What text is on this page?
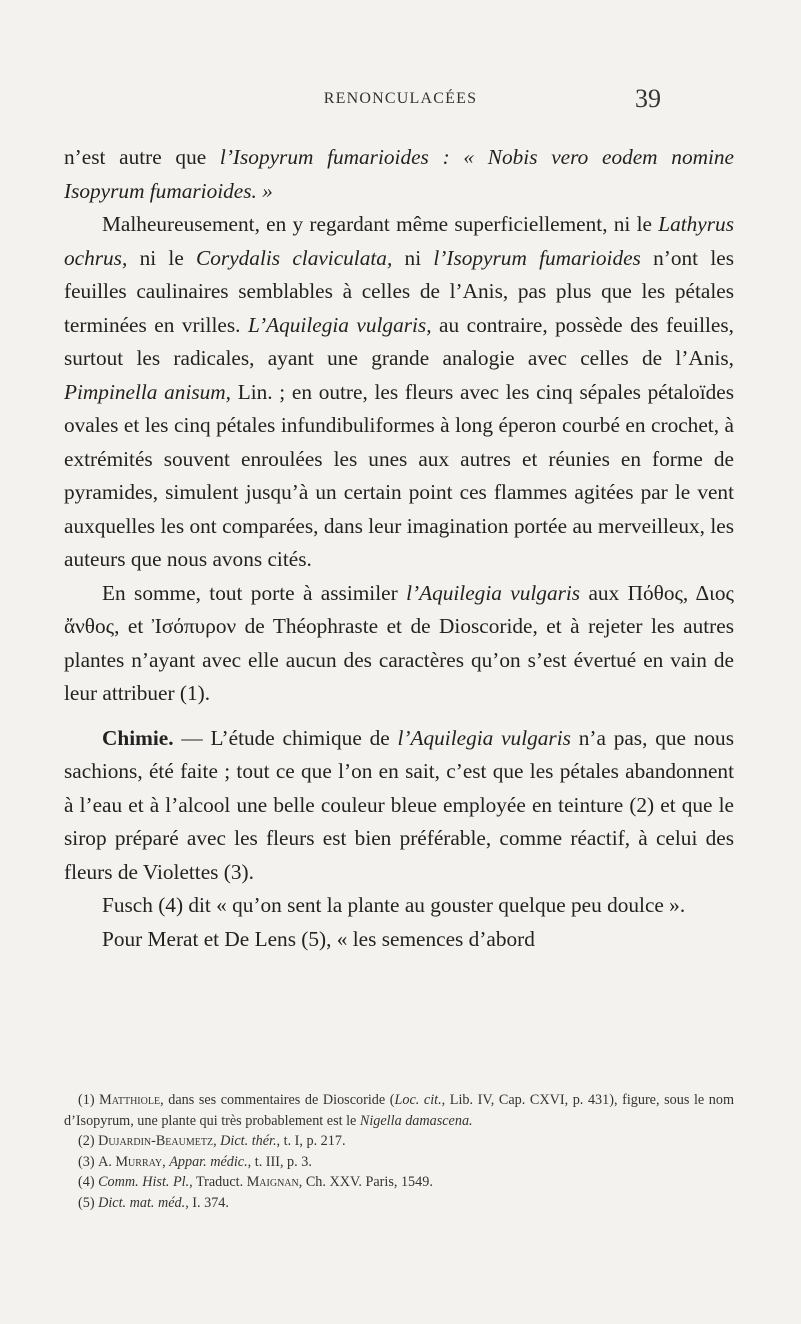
RENONCULACÉES	39

n’est autre que l’Isopyrum fumarioides : « Nobis vero eodem nomine Isopyrum fumarioides. »

Malheureusement, en y regardant même superficiellement, ni le Lathyrus ochrus, ni le Corydalis claviculata, ni l’Isopyrum fumarioides n’ont les feuilles caulinaires semblables à celles de l’Anis, pas plus que les pétales terminées en vrilles. L’Aquilegia vulgaris, au contraire, possède des feuilles, surtout les radicales, ayant une grande analogie avec celles de l’Anis, Pimpinella anisum, Lin. ; en outre, les fleurs avec les cinq sépales pétaloïdes ovales et les cinq pétales infundibuliformes à long éperon courbé en crochet, à extrémités souvent enroulées les unes aux autres et réunies en forme de pyramides, simulent jusqu’à un certain point ces flammes agitées par le vent auxquelles les ont comparées, dans leur imagination portée au merveilleux, les auteurs que nous avons cités.

En somme, tout porte à assimiler l’Aquilegia vulgaris aux Πόθος, Διος ἄνθος, et Ἰσόπυρον de Théophraste et de Dioscoride, et à rejeter les autres plantes n’ayant avec elle aucun des caractères qu’on s’est évertué en vain de leur attribuer (1).

Chimie. — L’étude chimique de l’Aquilegia vulgaris n’a pas, que nous sachions, été faite ; tout ce que l’on en sait, c’est que les pétales abandonnent à l’eau et à l’alcool une belle couleur bleue employée en teinture (2) et que le sirop préparé avec les fleurs est bien préférable, comme réactif, à celui des fleurs de Violettes (3).

Fusch (4) dit « qu’on sent la plante au gouster quelque peu doulce ».

Pour Merat et De Lens (5), « les semences d’abord

(1) Matthiole, dans ses commentaires de Dioscoride (Loc. cit., Lib. IV, Cap. CXVI, p. 431), figure, sous le nom d’Isopyrum, une plante qui très probablement est le Nigella damascena.

(2) Dujardin-Beaumetz, Dict. thér., t. I, p. 217.

(3) A. Murray, Appar. médic., t. III, p. 3.

(4) Comm. Hist. Pl., Traduct. Maignan, Ch. XXV. Paris, 1549.

(5) Dict. mat. méd., I. 374.
